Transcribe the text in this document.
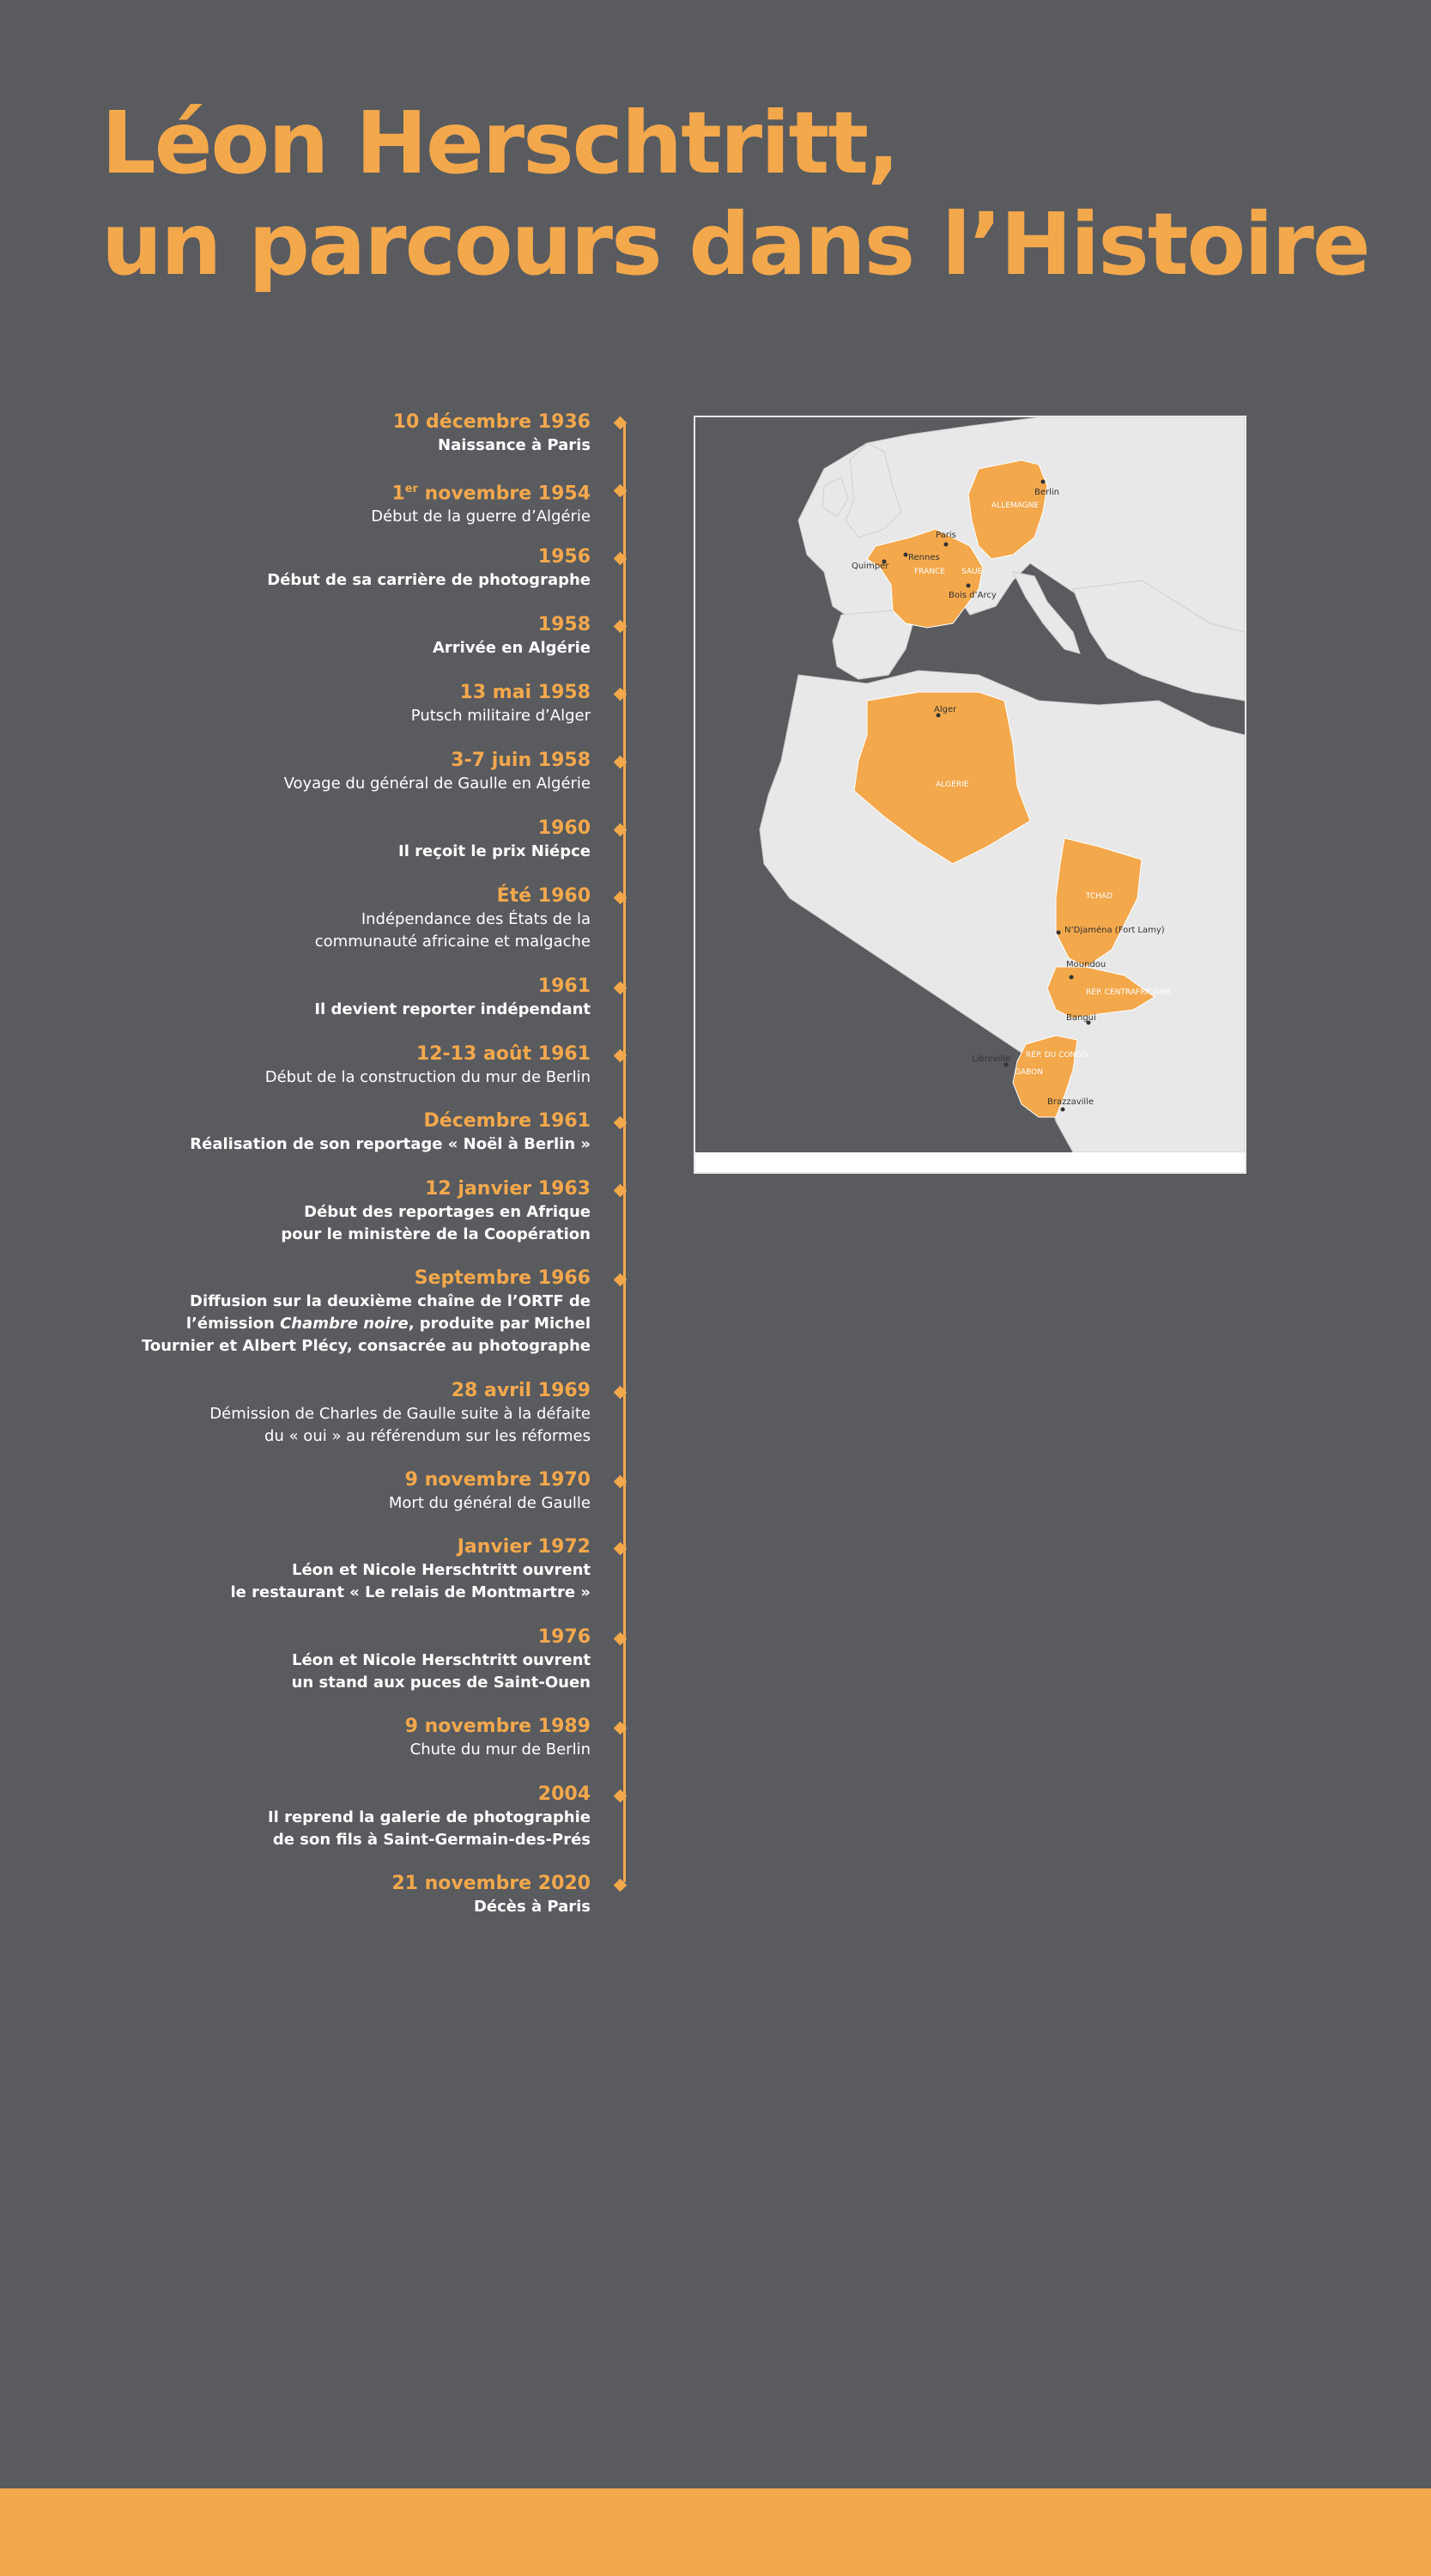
Léon Herschtritt,
un parcours dans l’Histoire
10 décembre 1936
Naissance à Paris
1er novembre 1954
Début de la guerre d’Algérie
1956
Début de sa carrière de photographe
1958
Arrivée en Algérie
13 mai 1958
Putsch militaire d’Alger
3-7 juin 1958
Voyage du général de Gaulle en Algérie
1960
Il reçoit le prix Niépce
Été 1960
Indépendance des États de la
communauté africaine et malgache
1961
Il devient reporter indépendant
12-13 août 1961
Début de la construction du mur de Berlin
Décembre 1961
Réalisation de son reportage « Noël à Berlin »
12 janvier 1963
Début des reportages en Afrique
pour le ministère de la Coopération
Septembre 1966
Diffusion sur la deuxième chaîne de l’ORTF de
l’émission Chambre noire, produite par Michel
Tournier et Albert Plécy, consacrée au photographe
28 avril 1969
Démission de Charles de Gaulle suite à la défaite
du « oui » au référendum sur les réformes
9 novembre 1970
Mort du général de Gaulle
Janvier 1972
Léon et Nicole Herschtritt ouvrent
le restaurant « Le relais de Montmartre »
1976
Léon et Nicole Herschtritt ouvrent
un stand aux puces de Saint-Ouen
9 novembre 1989
Chute du mur de Berlin
2004
Il reprend la galerie de photographie
de son fils à Saint-Germain-des-Prés
21 novembre 2020
Décès à Paris
Berlin
Paris
Rennes
Quimper
Bois d’Arcy
Alger
N’Djaména (Fort Lamy)
Moundou
Bangui
Libreville
Brazzaville
ALLEMAGNE
FRANCE SAUE
ALGÉRIE
TCHAD
RÉP. CENTRAFRICAINE
RÉP. DU CONGO
GABON
